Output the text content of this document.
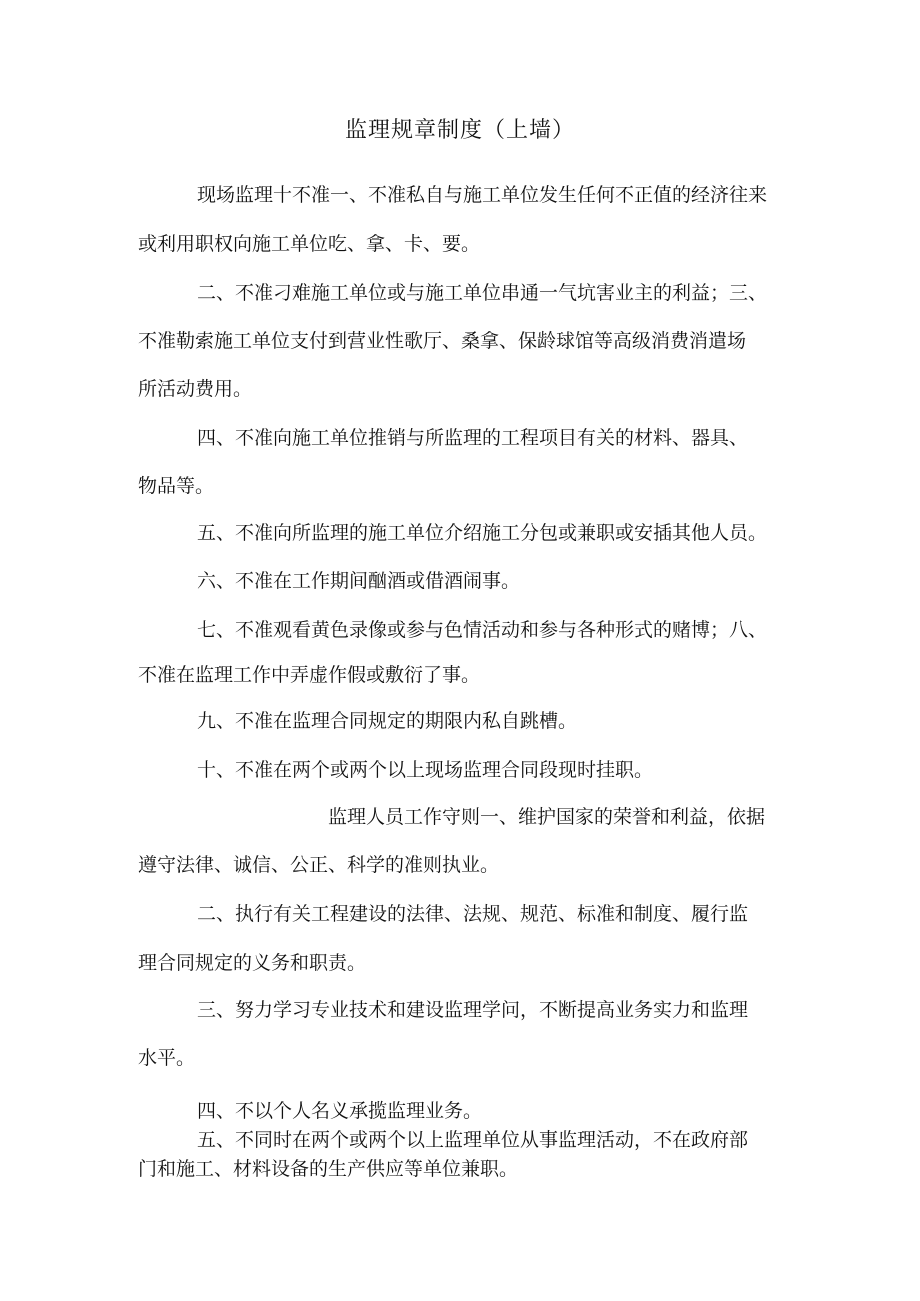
监理规章制度（上墙）
现场监理十不准一、不准私自与施工单位发生任何不正值的经济往来
或利用职权向施工单位吃、拿、卡、要。
二、不准刁难施工单位或与施工单位串通一气坑害业主的利益；三、
不准勒索施工单位支付到营业性歌厅、桑拿、保龄球馆等高级消费消遣场
所活动费用。
四、不准向施工单位推销与所监理的工程项目有关的材料、器具、
物品等。
五、不准向所监理的施工单位介绍施工分包或兼职或安插其他人员。
六、不准在工作期间酗酒或借酒闹事。
七、不准观看黄色录像或参与色情活动和参与各种形式的赌博；八、
不准在监理工作中弄虚作假或敷衍了事。
九、不准在监理合同规定的期限内私自跳槽。
十、不准在两个或两个以上现场监理合同段现时挂职。
监理人员工作守则一、维护国家的荣誉和利益，依据
遵守法律、诚信、公正、科学的准则执业。
二、执行有关工程建设的法律、法规、规范、标准和制度、履行监
理合同规定的义务和职责。
三、努力学习专业技术和建设监理学问，不断提高业务实力和监理
水平。
四、不以个人名义承揽监理业务。
五、不同时在两个或两个以上监理单位从事监理活动，不在政府部
门和施工、材料设备的生产供应等单位兼职。
